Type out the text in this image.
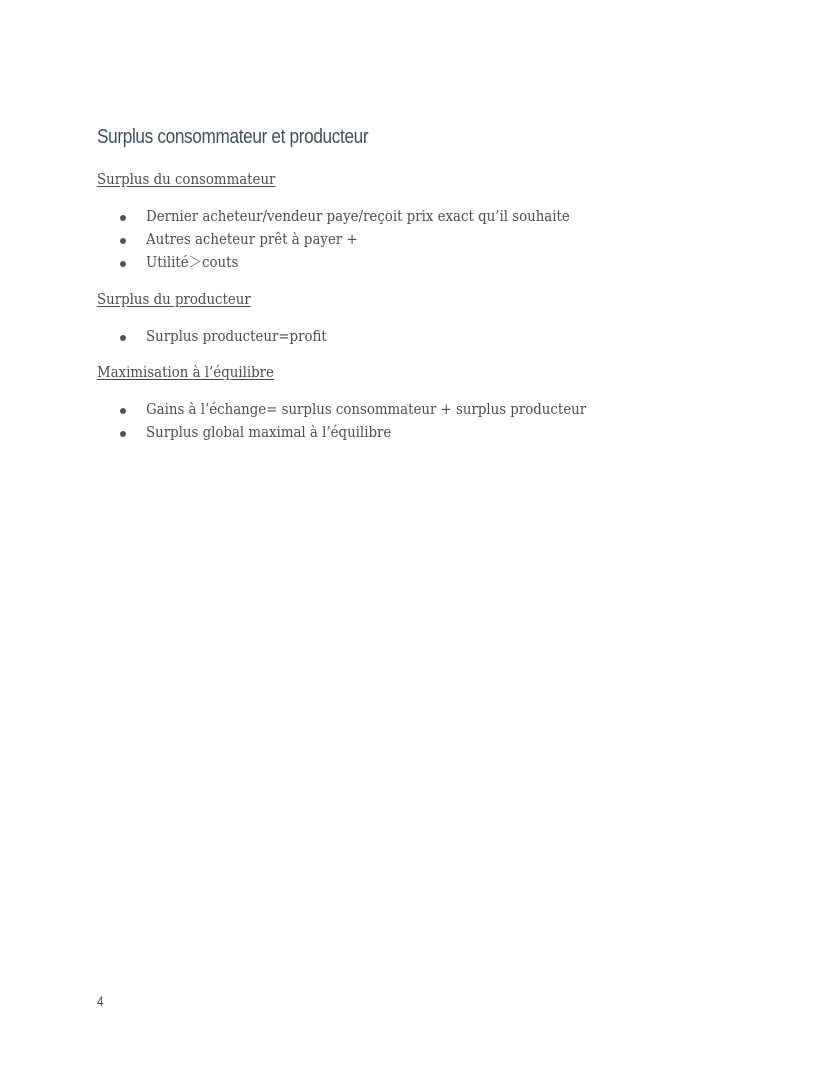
Surplus consommateur et producteur
Surplus du consommateur
Dernier acheteur/vendeur paye/reçoit prix exact qu’il souhaite
Autres acheteur prêt à payer +
Utilité＞couts
Surplus du producteur
Surplus producteur=profit
Maximisation à l’équilibre
Gains à l’échange= surplus consommateur + surplus producteur
Surplus global maximal à l’équilibre
4
